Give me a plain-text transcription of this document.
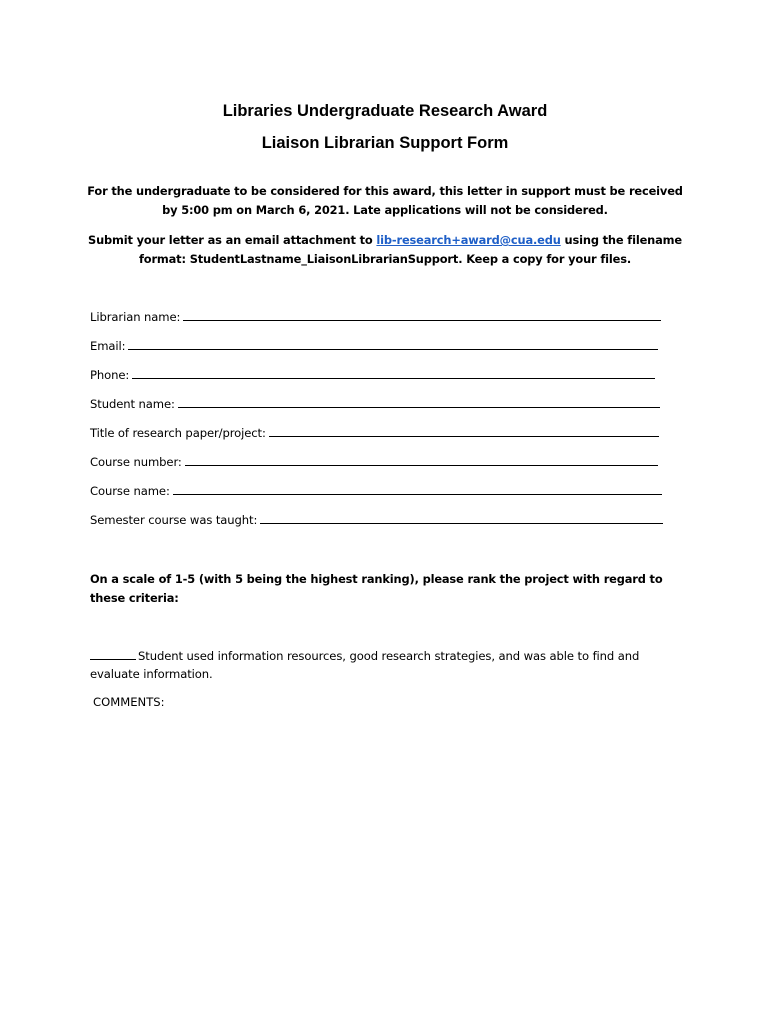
Libraries Undergraduate Research Award
Liaison Librarian Support Form
For the undergraduate to be considered for this award, this letter in support must be received by 5:00 pm on March 6, 2021. Late applications will not be considered.
Submit your letter as an email attachment to lib-research+award@cua.edu using the filename format: StudentLastname_LiaisonLibrarianSupport. Keep a copy for your files.
Librarian name:
Email:
Phone:
Student name:
Title of research paper/project:
Course number:
Course name:
Semester course was taught:
On a scale of 1-5 (with 5 being the highest ranking), please rank the project with regard to these criteria:
Student used information resources, good research strategies, and was able to find and evaluate information.
COMMENTS:
